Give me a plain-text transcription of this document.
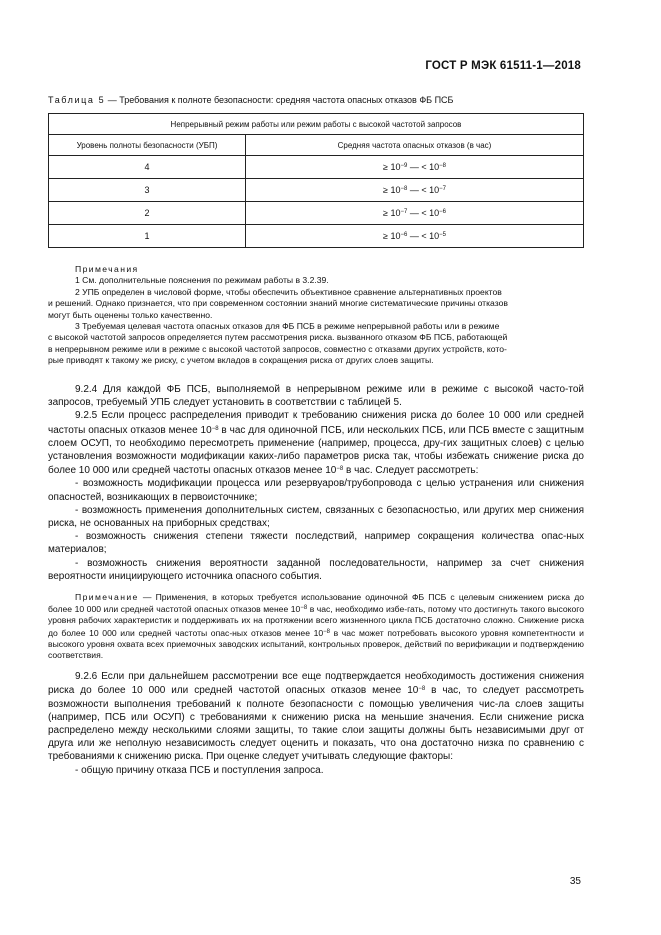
ГОСТ Р МЭК 61511-1—2018
Таблица 5 — Требования к полноте безопасности: средняя частота опасных отказов ФБ ПСБ
Непрерывный режим работы или режим работы с высокой частотой запросов	
Уровень полноты безопасности (УБП)	Средняя частота опасных отказов (в час)
4	≥ $10^{-9}$ — < $10^{-8}$
3	≥ $10^{-8}$ — < $10^{-7}$
2	≥ $10^{-7}$ — < $10^{-6}$
1	≥ $10^{-6}$ — < $10^{-5}$
Примечания
1 См. дополнительные пояснения по режимам работы в 3.2.39.
2 УПБ определен в числовой форме, чтобы обеспечить объективное сравнение альтернативных проектов
и решений. Однако признается, что при современном состоянии знаний многие систематические причины отказов
могут быть оценены только качественно.
3 Требуемая целевая частота опасных отказов для ФБ ПСБ в режиме непрерывной работы или в режиме
с высокой частотой запросов определяется путем рассмотрения риска. вызванного отказом ФБ ПСБ, работающей
в непрерывном режиме или в режиме с высокой частотой запросов, совместно с отказами других устройств, кото-
рые приводят к такому же риску, с учетом вкладов в сокращения риска от других слоев защиты.

9.2.4 Для каждой ФБ ПСБ, выполняемой в непрерывном режиме или в режиме с высокой часто-той запросов, требуемый УПБ следует установить в соответствии с таблицей 5.

9.2.5 Если процесс распределения приводит к требованию снижения риска до более 10 000 или средней частоты опасных отказов менее $10^{-8}$ в час для одиночной ПСБ, или нескольких ПСБ, или ПСБ вместе с защитным слоем ОСУП, то необходимо пересмотреть применение (например, процесса, дру-гих защитных слоев) с целью установления возможности модификации каких-либо параметров риска так, чтобы избежать снижение риска до более 10 000 или средней частоты опасных отказов менее $10^{-8}$ в час. Следует рассмотреть:

- возможность модификации процесса или резервуаров/трубопровода с целью устранения или снижения опасностей, возникающих в первоисточнике;

- возможность применения дополнительных систем, связанных с безопасностью, или других мер снижения риска, не основанных на приборных средствах;

- возможность снижения степени тяжести последствий, например сокращения количества опас-ных материалов;

- возможность снижения вероятности заданной последовательности, например за счет снижения вероятности инициирующего источника опасного события.

Примечание — Применения, в которых требуется использование одиночной ФБ ПСБ с целевым снижением риска до более 10 000 или средней частотой опасных отказов менее $10^{-8}$ в час, необходимо избе-гать, потому что достигнуть такого высокого уровня рабочих характеристик и поддерживать их на протяжении всего жизненного цикла ПСБ достаточно сложно. Снижение риска до более 10 000 или средней частоты опас-ных отказов менее $10^{-8}$ в час может потребовать высокого уровня компетентности и высокого уровня охвата всех приемочных заводских испытаний, контрольных проверок, действий по верификации и подтверждению соответствия.

9.2.6 Если при дальнейшем рассмотрении все еще подтверждается необходимость достижения снижения риска до более 10 000 или средней частотой опасных отказов менее $10^{-8}$ в час, то следует рассмотреть возможности выполнения требований к полноте безопасности с помощью увеличения чис-ла слоев защиты (например, ПСБ или ОСУП) с требованиями к снижению риска на меньшие значения. Если снижение риска распределено между несколькими слоями защиты, то такие слои защиты должны быть независимыми друг от друга или же неполную независимость следует оценить и показать, что она достаточно низка по сравнению с требованиями к снижению риска. При оценке следует учитывать следующие факторы:

- общую причину отказа ПСБ и поступления запроса.

35
